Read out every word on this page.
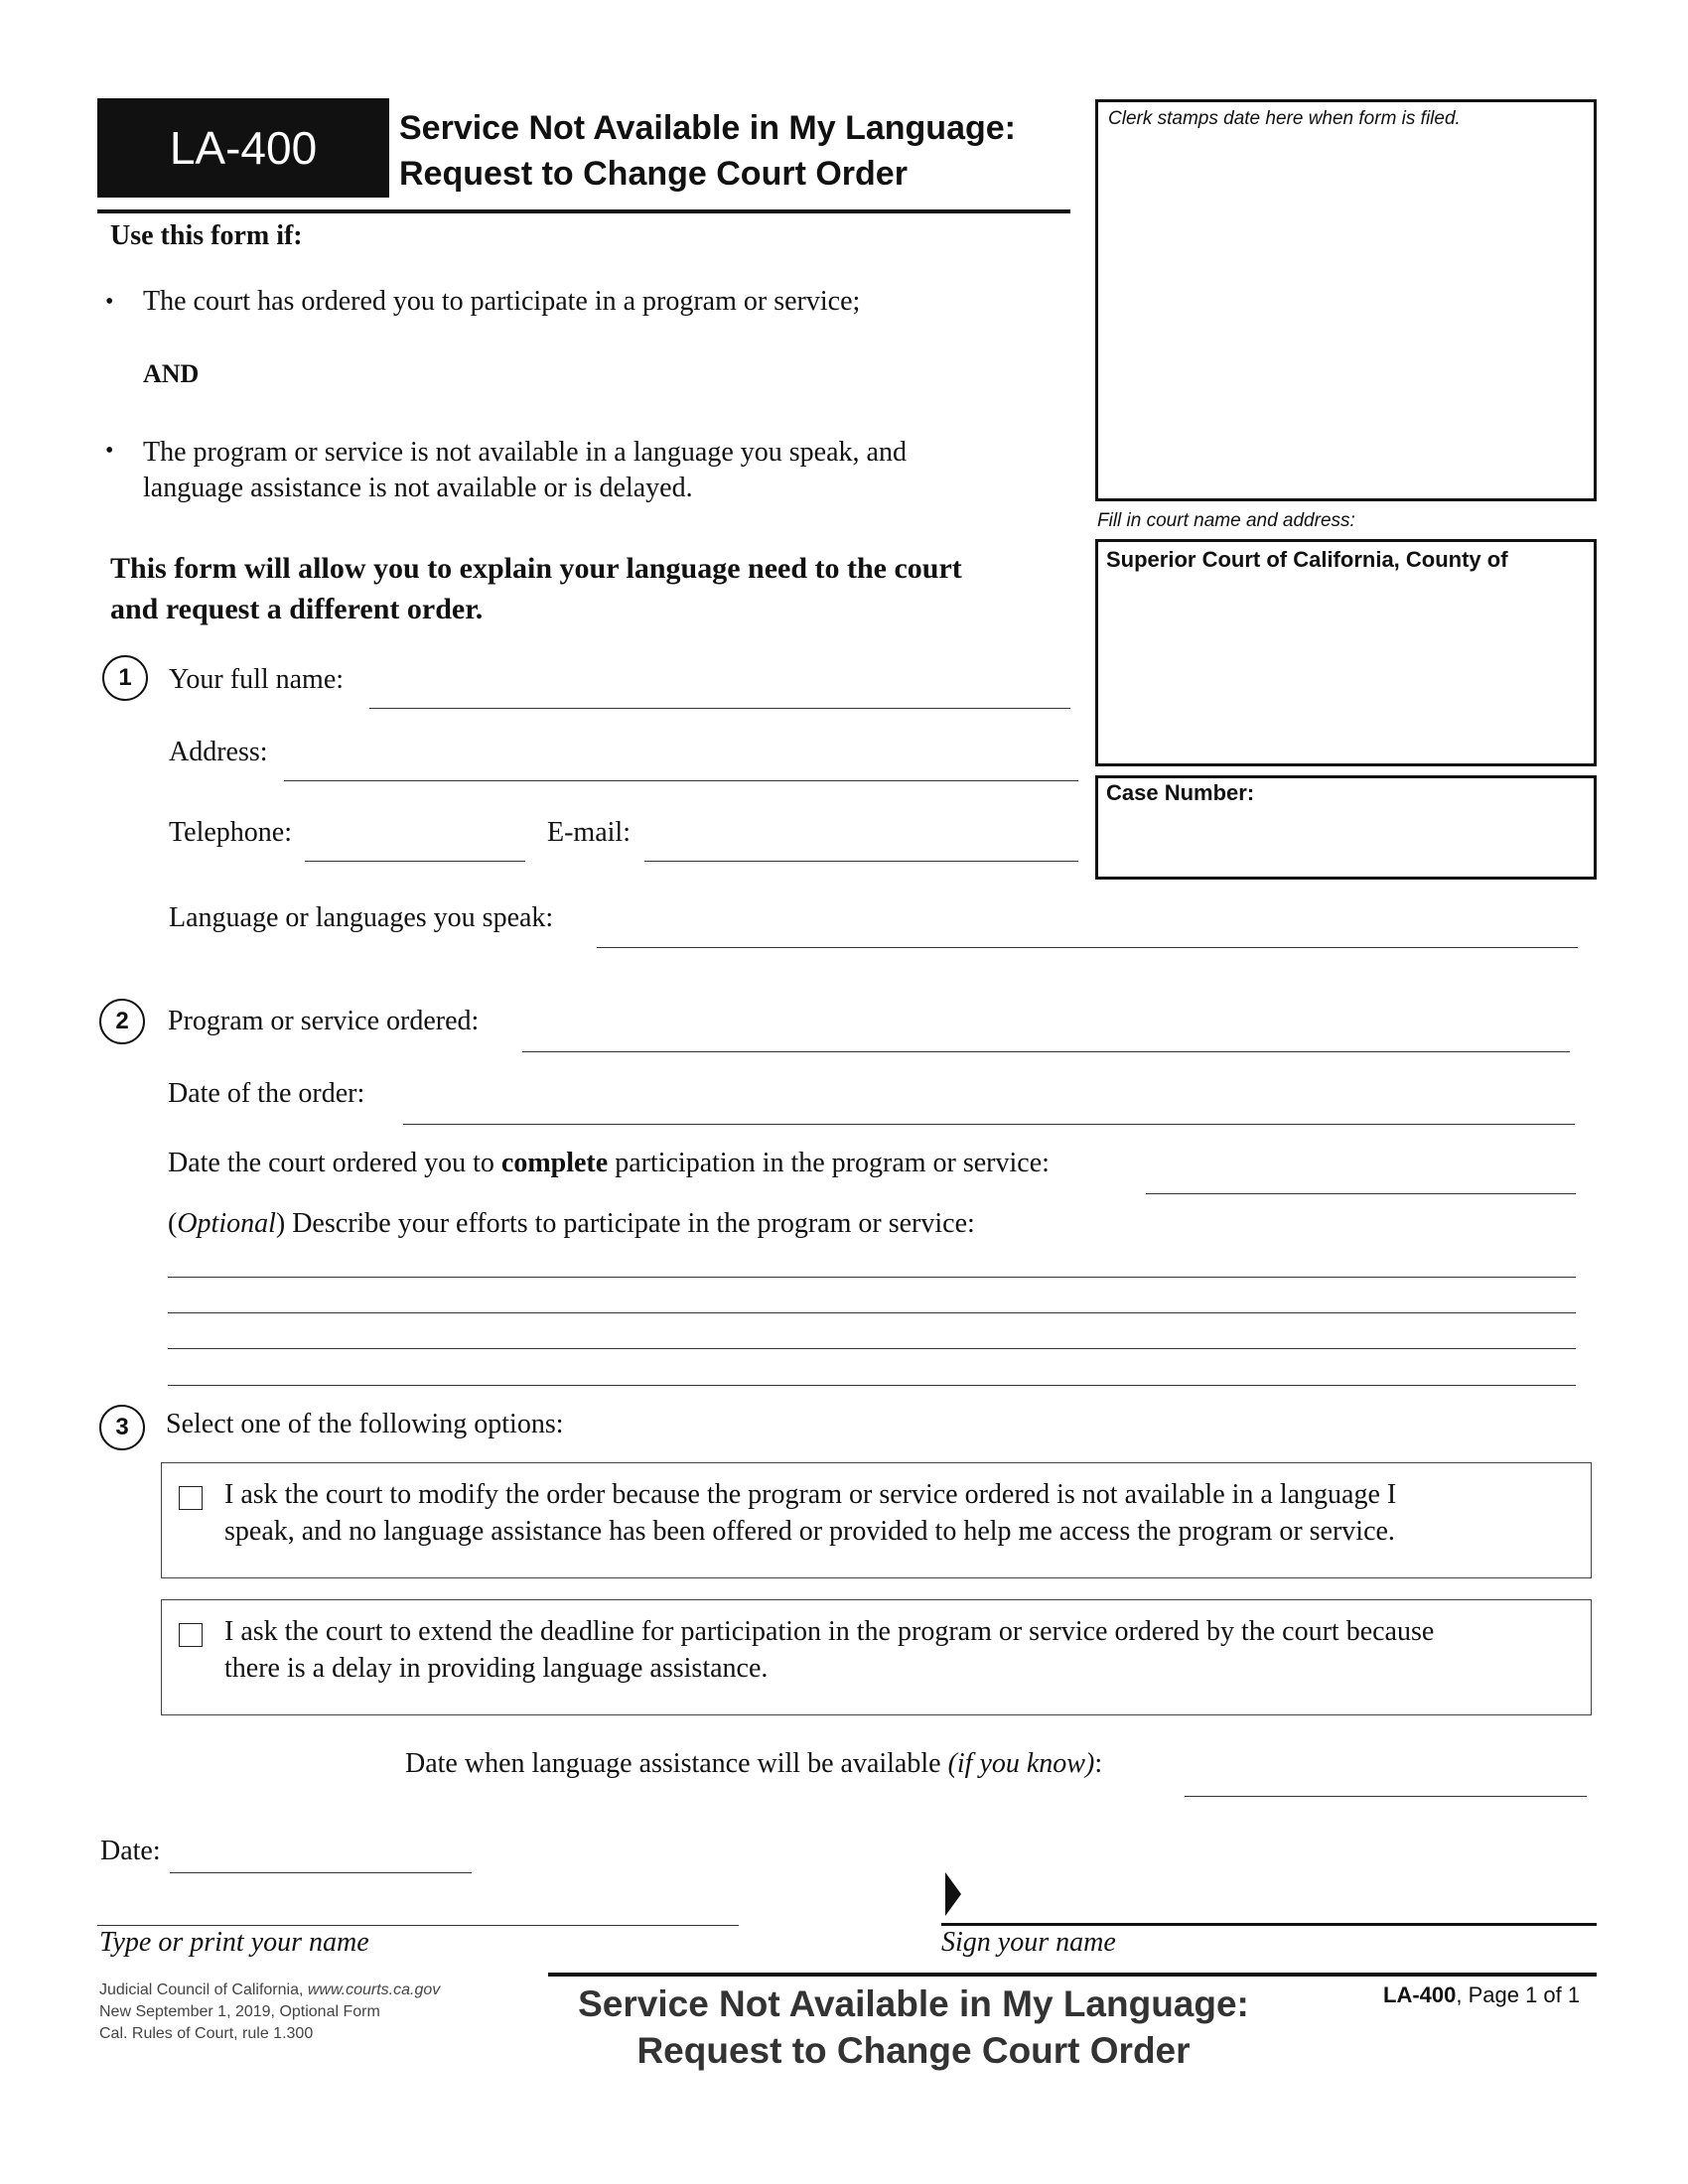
LA-400 Service Not Available in My Language:
Request to Change Court Order
Clerk stamps date here when form is filed.
Fill in court name and address:
Superior Court of California, County of
Case Number:
Use this form if:
• The court has ordered you to participate in a program or service;
AND
• The program or service is not available in a language you speak, and
language assistance is not available or is delayed.
This form will allow you to explain your language need to the court
and request a different order.
1	Your full name:
Address:
Telephone:	E-mail:
Language or languages you speak:
2	Program or service ordered:
Date of the order:
Date the court ordered you to complete participation in the program or service:
(Optional) Describe your efforts to participate in the program or service:
3	Select one of the following options:
I ask the court to modify the order because the program or service ordered is not available in a language I
speak, and no language assistance has been offered or provided to help me access the program or service.
I ask the court to extend the deadline for participation in the program or service ordered by the court because
there is a delay in providing language assistance.
Date when language assistance will be available (if you know):
Date:
Type or print your name	Sign your name
Judicial Council of California, www.courts.ca.gov
New September 1, 2019, Optional Form
Cal. Rules of Court, rule 1.300
Service Not Available in My Language:
Request to Change Court Order
LA-400, Page 1 of 1
